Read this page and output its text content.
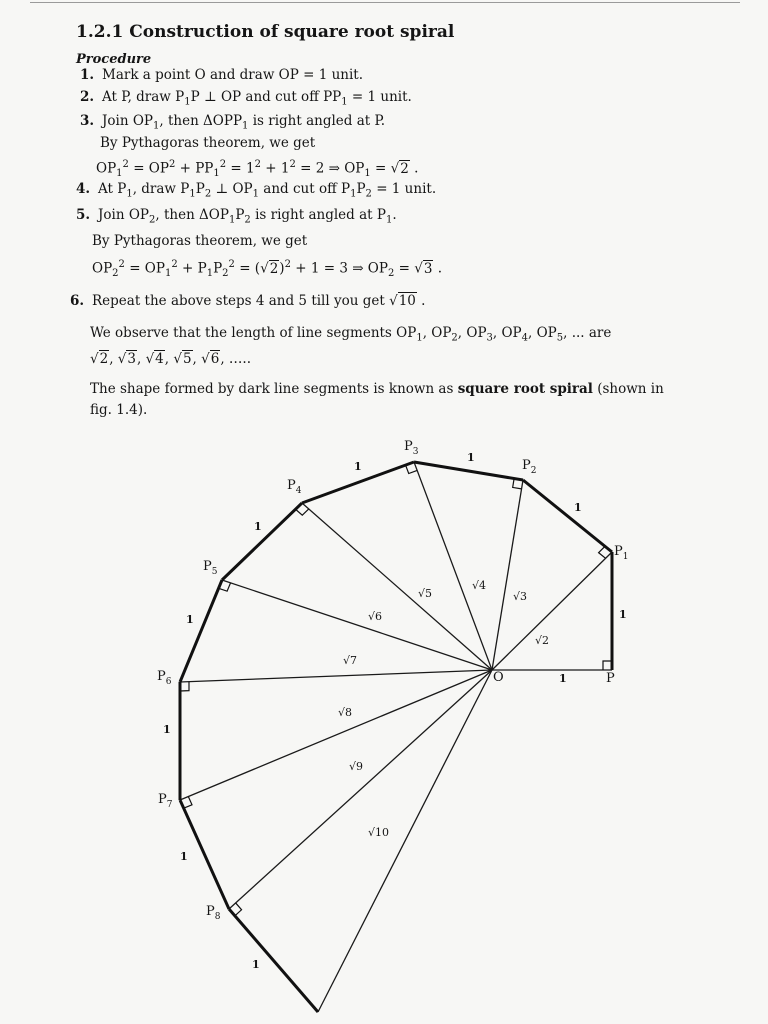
1.2.1 Construction of square root spiral
Procedure
1. Mark a point O and draw OP = 1 unit.
2. At P, draw $P_1P$ ⊥ OP and cut off $PP_1 = 1$ unit.
3. Join $OP_1$, then $\Delta OPP_1$ is right angled at P.
By Pythagoras theorem, we get
$OP_1^2 = OP^2 + PP_1^2 = 1^2 + 1^2 = 2$ ⇒ $OP_1 = √2$ .
4. At $P_1$, draw $P_1P_2$ ⊥ $OP_1$ and cut off $P_1P_2 = 1$ unit.
5. Join $OP_2$, then $\Delta OP_1P_2$ is right angled at $P_1$.
By Pythagoras theorem, we get
$OP_2^2 = OP_1^2 + P_1P_2^2 = (√2)^2 + 1 = 3$ ⇒ $OP_2 = √3$ .
6. Repeat the above steps 4 and 5 till you get √10 .
We observe that the length of line segments $OP_1$, $OP_2$, $OP_3$, $OP_4$, $OP_5$, ... are
√2, √3, √4, √5, √6, …..
The shape formed by dark line segments is known as square root spiral (shown in
fig. 1.4).
O	P
$P_1$
$P_2$
$P_3$
$P_4$
$P_5$
$P_6$
$P_7$
$P_8$
1
1
1
1
1
1
1
1
1
1
√2
√3
√4
√5
√6
√7
√8
√9
√10
